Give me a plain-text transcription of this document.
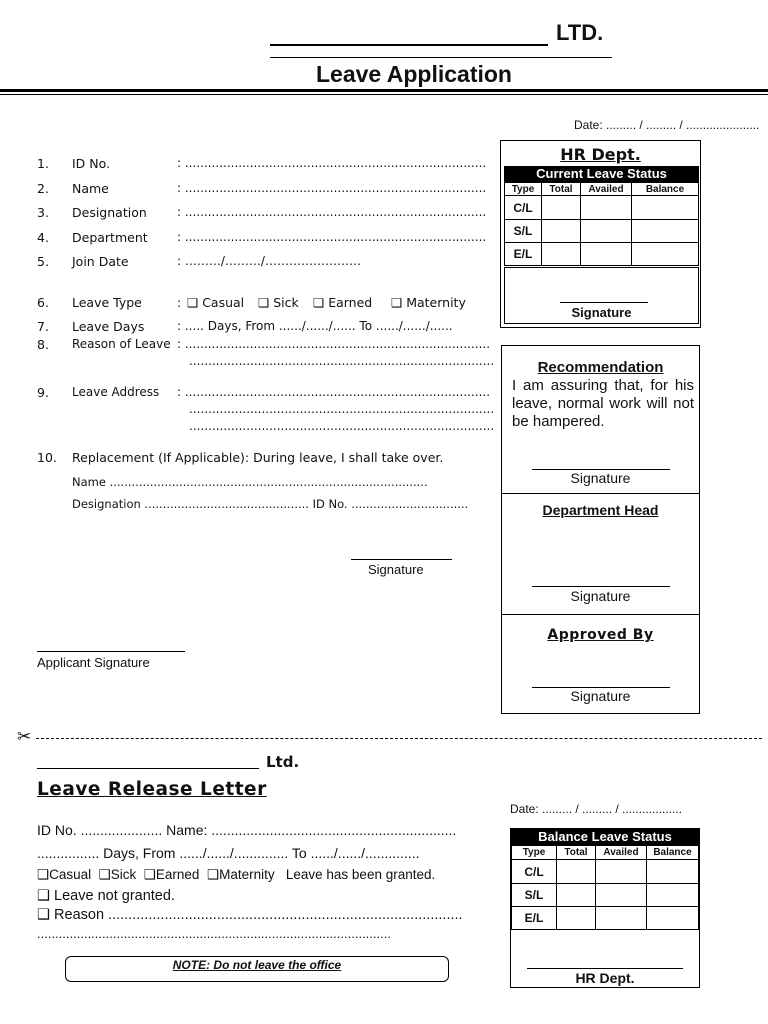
LTD.
Leave Application
Date: ......... / ......... / ......................
1. ID No.	: ...............................................................................
2. Name	: ...............................................................................
3. Designation	: ...............................................................................
4. Department : ...............................................................................
5. Join Date	: ………/………/……………………
6. Leave Type	: ❑ Casual ❑ Sick ❑ Earned ❑ Maternity
7. Leave Days	: ..... Days, From ....../....../...... To ....../....../......
8. Reason of Leave : ................................................................................
................................................................................
9. Leave Address : ................................................................................
................................................................................
................................................................................
10. Replacement (If Applicable): During leave, I shall take over.
Name .......................................................................................
Designation ............................................. ID No. ................................
Signature
Applicant Signature
HR Dept.
Current Leave Status
Type	Total	Availed	Balance
C/L			
S/L			
E/L			
Signature
Recommendation
I am assuring that, for his leave, normal work will not be hampered.
Signature
Department Head
Signature
Approved By
Signature
✂
Ltd.
Leave Release Letter
Date: ......... / ......... / ..................
ID No. ..................... Name: ...............................................................
................ Days, From ....../....../.............. To ....../....../..............
❑Casual ❑Sick ❑Earned ❑Maternity Leave has been granted.
❑ Leave not granted.
❑ Reason ........................................................................................
..................................................................................................
NOTE: Do not leave the office
Balance Leave Status
Type	Total	Availed	Balance
C/L			
S/L			
E/L			
HR Dept.
